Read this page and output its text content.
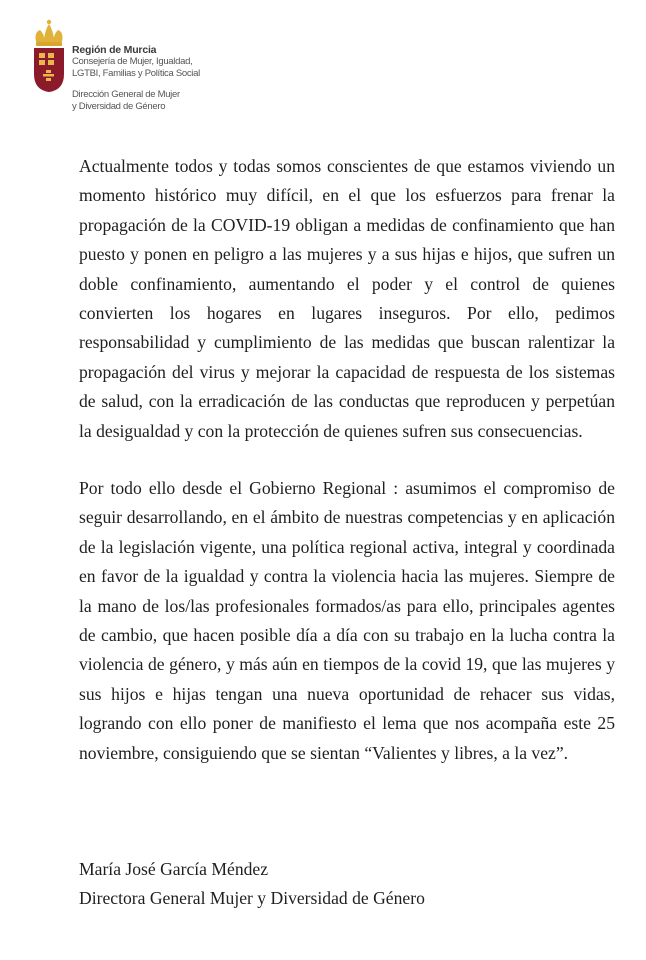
Región de Murcia
Consejería de Mujer, Igualdad,
LGTBI, Familias y Política Social
Dirección General de Mujer
y Diversidad de Género

Actualmente todos y todas somos conscientes de que estamos viviendo un momento histórico muy difícil, en el que los esfuerzos para frenar la propagación de la COVID-19 obligan a medidas de confinamiento que han puesto y ponen en peligro a las mujeres y a sus hijas e hijos, que sufren un doble confinamiento, aumentando el poder y el control de quienes convierten los hogares en lugares inseguros. Por ello, pedimos responsabilidad y cumplimiento de las medidas que buscan ralentizar la propagación del virus y mejorar la capacidad de respuesta de los sistemas de salud, con la erradicación de las conductas que reproducen y perpetúan la desigualdad y con la protección de quienes sufren sus consecuencias.

Por todo ello desde el Gobierno Regional : asumimos el compromiso de seguir desarrollando, en el ámbito de nuestras competencias y en aplicación de la legislación vigente, una política regional activa, integral y coordinada en favor de la igualdad y contra la violencia hacia las mujeres. Siempre de la mano de los/las profesionales formados/as para ello, principales agentes de cambio, que hacen posible día a día con su trabajo en la lucha contra la violencia de género, y más aún en tiempos de la covid 19, que las mujeres y sus hijos e hijas tengan una nueva oportunidad de rehacer sus vidas, logrando con ello poner de manifiesto el lema que nos acompaña este 25 noviembre, consiguiendo que se sientan “Valientes y libres, a la vez”.

María José García Méndez
Directora General Mujer y Diversidad de Género
